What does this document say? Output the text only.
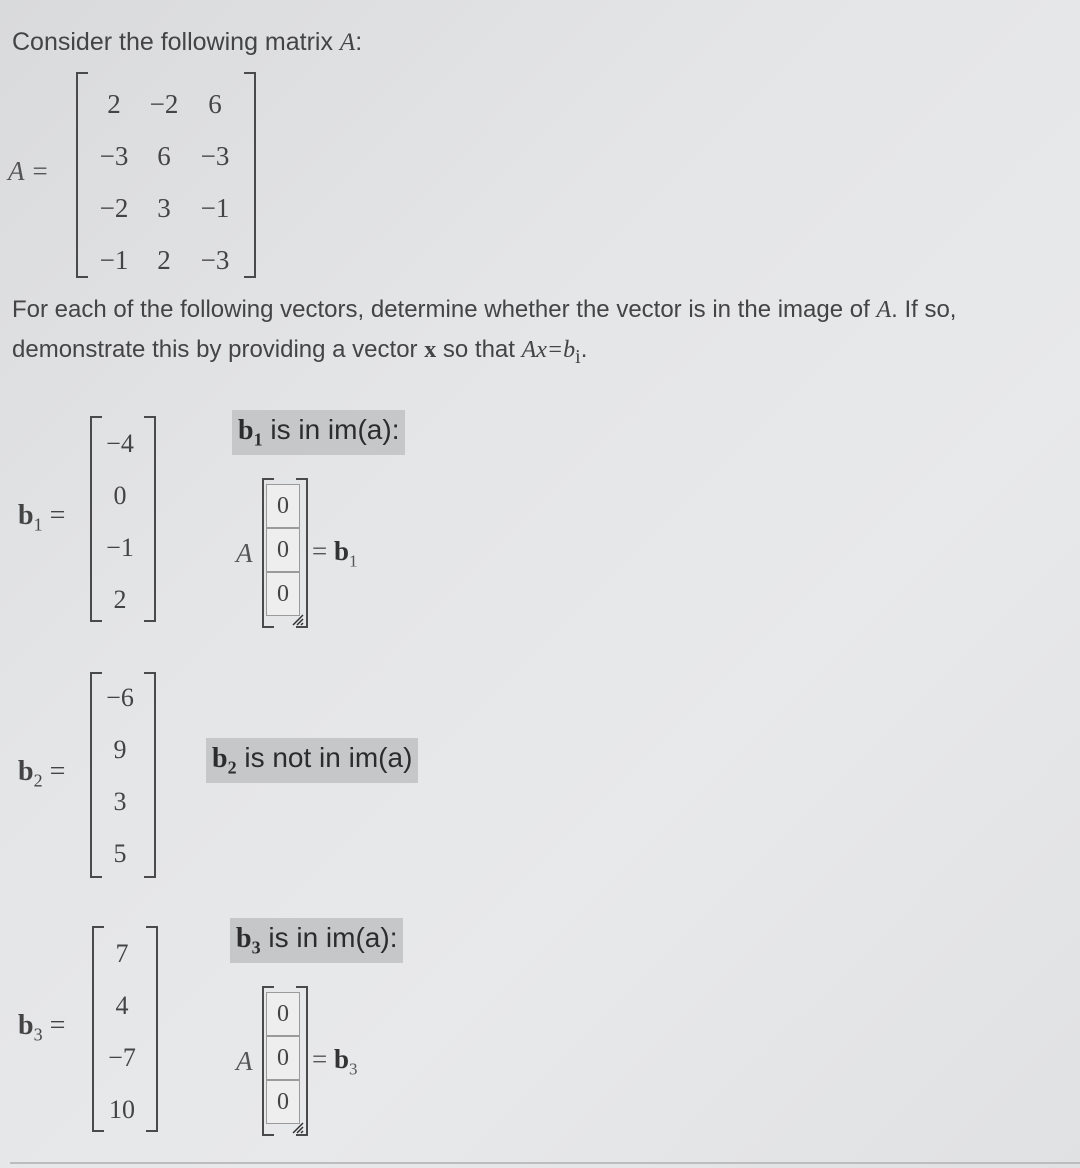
Consider the following matrix A:
A =
2	−2	6
−3	6	−3
−2	3	−1
−1	2	−3
For each of the following vectors, determine whether the vector is in the image of A. If so,
demonstrate this by providing a vector x so that $Ax=b_i$.
$b_1$ =
−4
0
−1
2
$b_1$ is in im(a):
A
0
0
0
= $b_1$
$b_2$ =
−6
9
3
5
$b_2$ is not in im(a)
$b_3$ =
7
4
−7
10
$b_3$ is in im(a):
A
0
0
0
= $b_3$
